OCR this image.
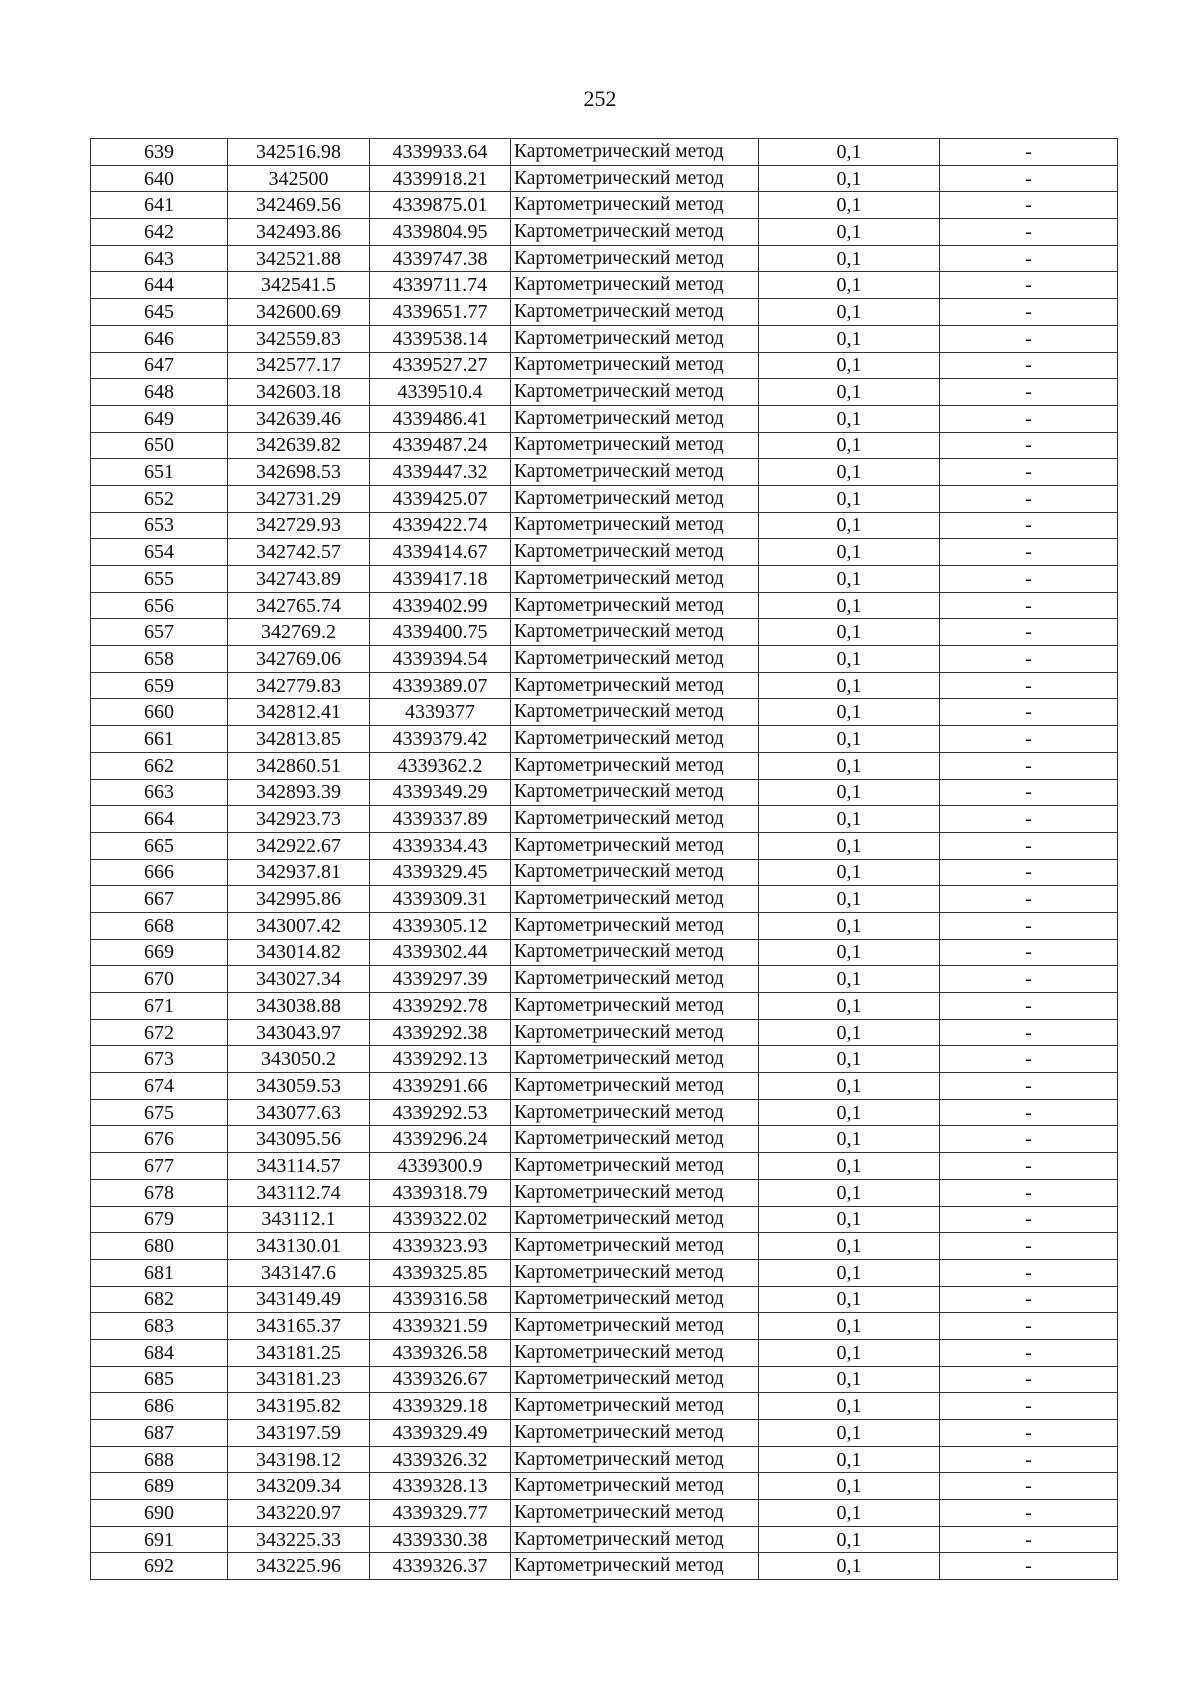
252
639	342516.98	4339933.64	Картометрический метод	0,1	-
640	342500	4339918.21	Картометрический метод	0,1	-
641	342469.56	4339875.01	Картометрический метод	0,1	-
642	342493.86	4339804.95	Картометрический метод	0,1	-
643	342521.88	4339747.38	Картометрический метод	0,1	-
644	342541.5	4339711.74	Картометрический метод	0,1	-
645	342600.69	4339651.77	Картометрический метод	0,1	-
646	342559.83	4339538.14	Картометрический метод	0,1	-
647	342577.17	4339527.27	Картометрический метод	0,1	-
648	342603.18	4339510.4	Картометрический метод	0,1	-
649	342639.46	4339486.41	Картометрический метод	0,1	-
650	342639.82	4339487.24	Картометрический метод	0,1	-
651	342698.53	4339447.32	Картометрический метод	0,1	-
652	342731.29	4339425.07	Картометрический метод	0,1	-
653	342729.93	4339422.74	Картометрический метод	0,1	-
654	342742.57	4339414.67	Картометрический метод	0,1	-
655	342743.89	4339417.18	Картометрический метод	0,1	-
656	342765.74	4339402.99	Картометрический метод	0,1	-
657	342769.2	4339400.75	Картометрический метод	0,1	-
658	342769.06	4339394.54	Картометрический метод	0,1	-
659	342779.83	4339389.07	Картометрический метод	0,1	-
660	342812.41	4339377	Картометрический метод	0,1	-
661	342813.85	4339379.42	Картометрический метод	0,1	-
662	342860.51	4339362.2	Картометрический метод	0,1	-
663	342893.39	4339349.29	Картометрический метод	0,1	-
664	342923.73	4339337.89	Картометрический метод	0,1	-
665	342922.67	4339334.43	Картометрический метод	0,1	-
666	342937.81	4339329.45	Картометрический метод	0,1	-
667	342995.86	4339309.31	Картометрический метод	0,1	-
668	343007.42	4339305.12	Картометрический метод	0,1	-
669	343014.82	4339302.44	Картометрический метод	0,1	-
670	343027.34	4339297.39	Картометрический метод	0,1	-
671	343038.88	4339292.78	Картометрический метод	0,1	-
672	343043.97	4339292.38	Картометрический метод	0,1	-
673	343050.2	4339292.13	Картометрический метод	0,1	-
674	343059.53	4339291.66	Картометрический метод	0,1	-
675	343077.63	4339292.53	Картометрический метод	0,1	-
676	343095.56	4339296.24	Картометрический метод	0,1	-
677	343114.57	4339300.9	Картометрический метод	0,1	-
678	343112.74	4339318.79	Картометрический метод	0,1	-
679	343112.1	4339322.02	Картометрический метод	0,1	-
680	343130.01	4339323.93	Картометрический метод	0,1	-
681	343147.6	4339325.85	Картометрический метод	0,1	-
682	343149.49	4339316.58	Картометрический метод	0,1	-
683	343165.37	4339321.59	Картометрический метод	0,1	-
684	343181.25	4339326.58	Картометрический метод	0,1	-
685	343181.23	4339326.67	Картометрический метод	0,1	-
686	343195.82	4339329.18	Картометрический метод	0,1	-
687	343197.59	4339329.49	Картометрический метод	0,1	-
688	343198.12	4339326.32	Картометрический метод	0,1	-
689	343209.34	4339328.13	Картометрический метод	0,1	-
690	343220.97	4339329.77	Картометрический метод	0,1	-
691	343225.33	4339330.38	Картометрический метод	0,1	-
692	343225.96	4339326.37	Картометрический метод	0,1	-
